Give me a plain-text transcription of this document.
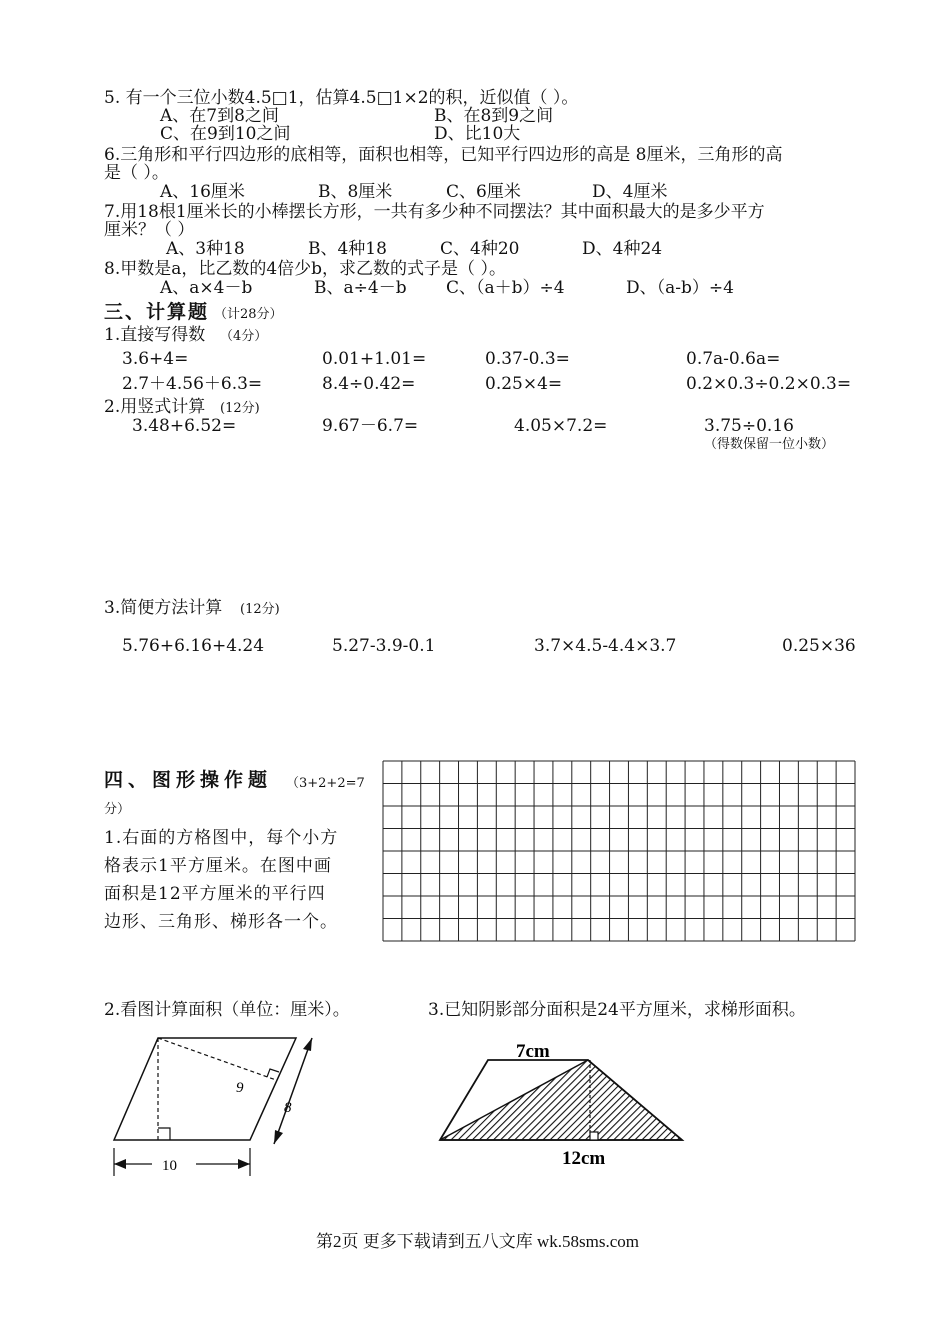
5. 有一个三位小数4.5□1，估算4.5□1×2的积，近似值（ ）。
A、在7到8之间	B、在8到9之间
C、在9到10之间	D、比10大
6.三角形和平行四边形的底相等，面积也相等，已知平行四边形的高是 8厘米，三角形的高
是（ ）。
A、16厘米	B、8厘米	C、6厘米	D、4厘米
7.用18根1厘米长的小棒摆长方形，一共有多少种不同摆法？其中面积最大的是多少平方
厘米？（ ）
A、3种18	B、4种18	C、4种20	D、4种24
8.甲数是a，比乙数的4倍少b，求乙数的式子是（ ）。
A、a×4－b	B、a÷4－b C、（a＋b）÷4	D、（a-b）÷4
三、计算题 （计28分）
1.直接写得数 （4分）
3.6+4=	0.01+1.01=	0.37-0.3=	0.7a-0.6a=
2.7＋4.56＋6.3=	8.4÷0.42=	0.25×4=	0.2×0.3÷0.2×0.3=
2.用竖式计算 (12分)
3.48+6.52=	9.67－6.7=	4.05×7.2=	3.75÷0.16
（得数保留一位小数）
3.简便方法计算 (12分)
5.76+6.16+4.24	5.27-3.9-0.1	3.7×4.5-4.4×3.7	0.25×36
四、图形操作题 （3+2+2=7
分）
1.右面的方格图中，每个小方
格表示1平方厘米。在图中画
面积是12平方厘米的平行四
边形、三角形、梯形各一个。
2.看图计算面积（单位：厘米）。	3.已知阴影部分面积是24平方厘米，求梯形面积。
9
8
10
7cm
12cm
第2页 更多下载请到五八文库 wk.58sms.com
